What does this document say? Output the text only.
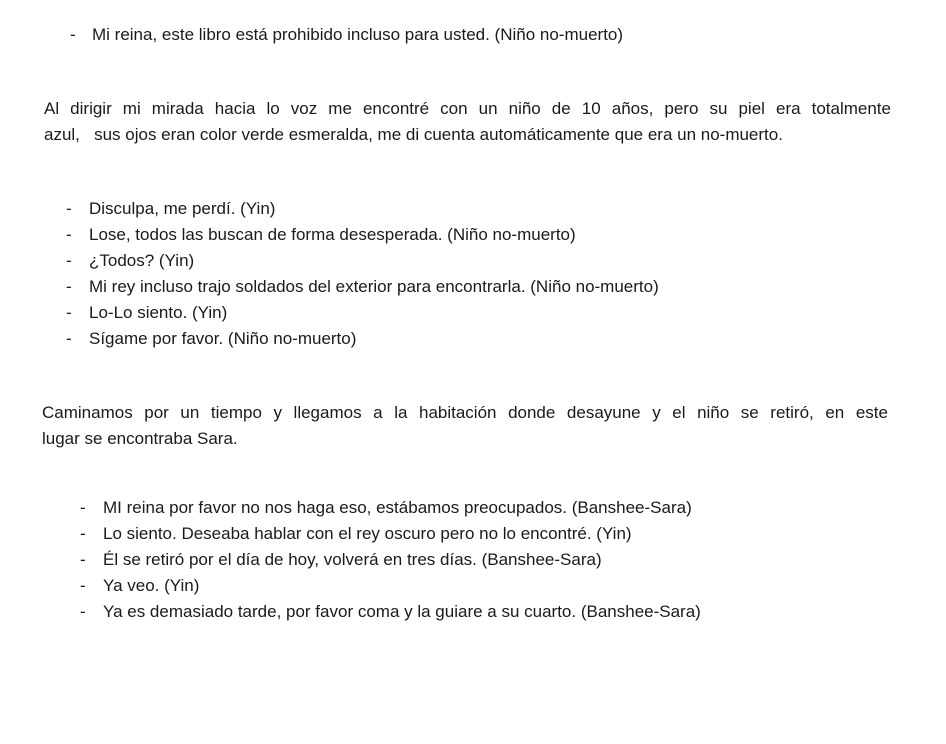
- Mi reina, este libro está prohibido incluso para usted. (Niño no-muerto)
Al dirigir mi mirada hacia lo voz me encontré con un niño de 10 años, pero su piel era totalmente
azul,   sus ojos eran color verde esmeralda, me di cuenta automáticamente que era un no-muerto.
- Disculpa, me perdí. (Yin)
- Lose, todos las buscan de forma desesperada. (Niño no-muerto)
- ¿Todos? (Yin)
- Mi rey incluso trajo soldados del exterior para encontrarla. (Niño no-muerto)
- Lo-Lo siento. (Yin)
- Sígame por favor. (Niño no-muerto)
Caminamos por un tiempo y llegamos a la habitación donde desayune y el niño se retiró, en este
lugar se encontraba Sara.
- MI reina por favor no nos haga eso, estábamos preocupados. (Banshee-Sara)
- Lo siento. Deseaba hablar con el rey oscuro pero no lo encontré. (Yin)
- Él se retiró por el día de hoy, volverá en tres días. (Banshee-Sara)
- Ya veo. (Yin)
- Ya es demasiado tarde, por favor coma y la guiare a su cuarto. (Banshee-Sara)
